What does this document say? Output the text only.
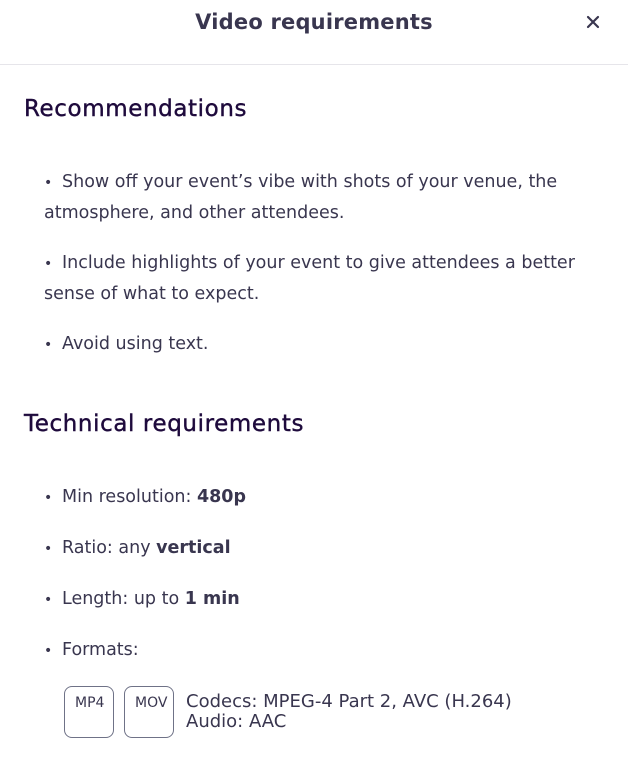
Video requirements
Recommendations
• Show off your event’s vibe with shots of your venue, the atmosphere, and other attendees.
• Include highlights of your event to give attendees a better sense of what to expect.
• Avoid using text.
Technical requirements
• Min resolution: 480p
• Ratio: any vertical
• Length: up to 1 min
• Formats:
MP4	MOV	Codecs: MPEG-4 Part 2, AVC (H.264)
Audio: AAC
